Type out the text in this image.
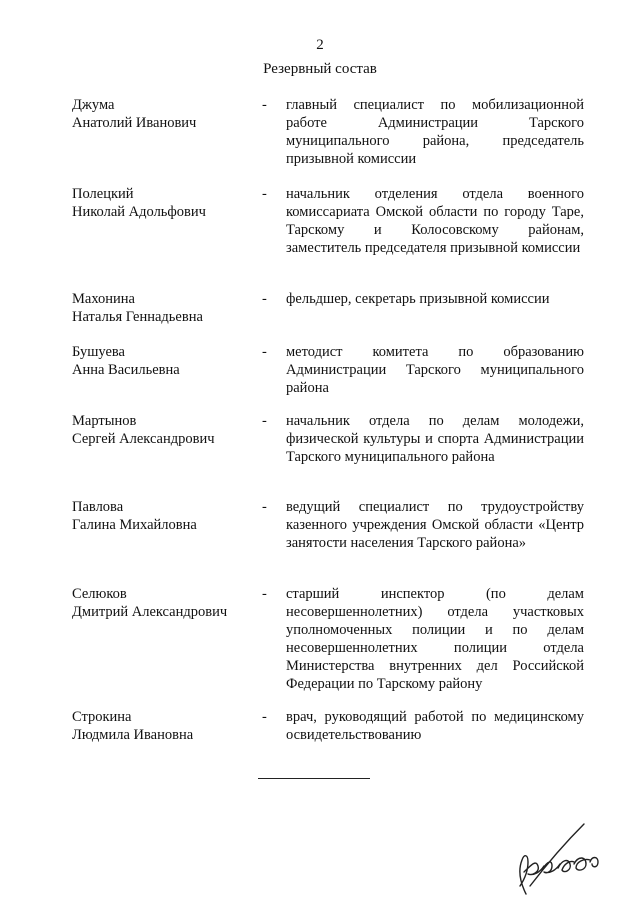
2
Резервный состав
Джума
Анатолий Иванович
- главный специалист по мобилизационной работе Администрации Тарского муниципального района, председатель призывной комиссии
Полецкий
Николай Адольфович
- начальник отделения отдела военного комиссариата Омской области по городу Таре, Тарскому и Колосовскому районам, заместитель председателя призывной комиссии
Махонина
Наталья Геннадьевна
- фельдшер, секретарь призывной комиссии
Бушуева
Анна Васильевна
- методист комитета по образованию Администрации Тарского муниципального района
Мартынов
Сергей Александрович
- начальник отдела по делам молодежи, физической культуры и спорта Администрации Тарского муниципального района
Павлова
Галина Михайловна
- ведущий специалист по трудоустройству казенного учреждения Омской области «Центр занятости населения Тарского района»
Селюков
Дмитрий Александрович
- старший инспектор (по делам несовершеннолетних) отдела участковых уполномоченных полиции и по делам несовершеннолетних полиции отдела Министерства внутренних дел Российской Федерации по Тарскому району
Строкина
Людмила Ивановна
- врач, руководящий работой по медицинскому освидетельствованию
